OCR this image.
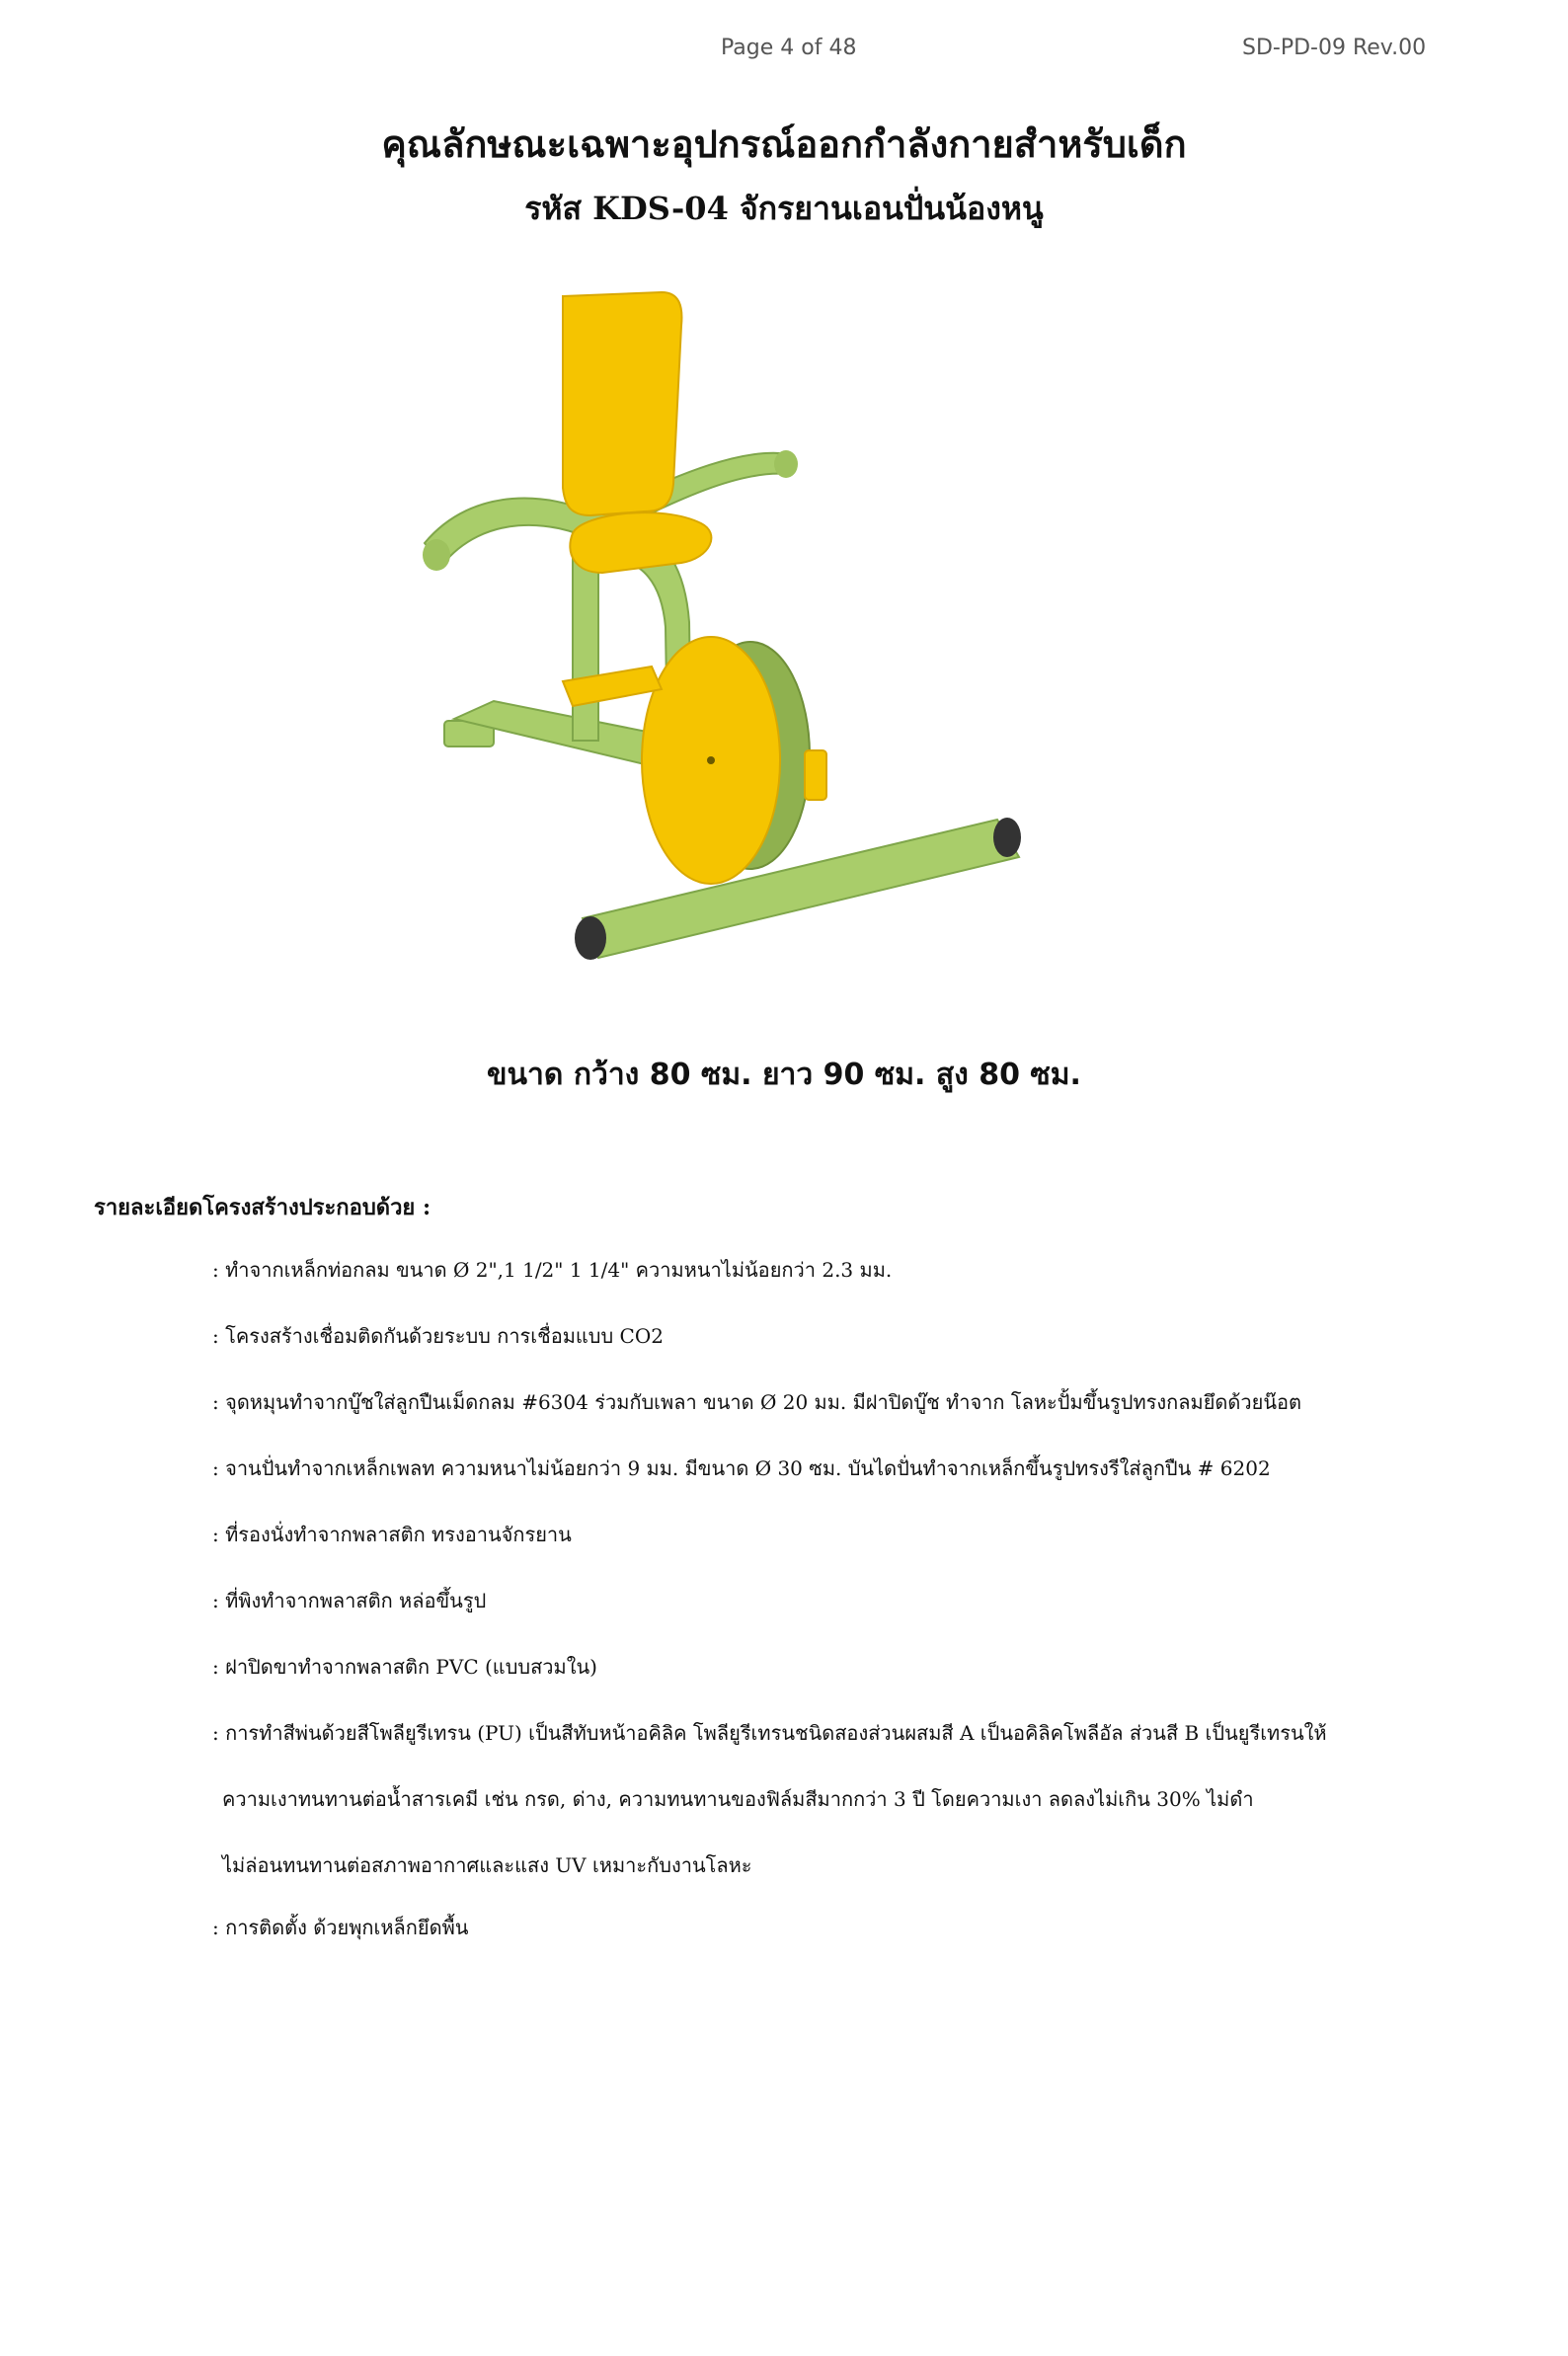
Page 4 of 48	SD-PD-09 Rev.00
คุณลักษณะเฉพาะอุปกรณ์ออกกำลังกายสำหรับเด็ก
รหัส KDS-04 จักรยานเอนปั่นน้องหนู
ขนาด กว้าง 80 ซม. ยาว 90 ซม. สูง 80 ซม.
รายละเอียดโครงสร้างประกอบด้วย :
: ทำจากเหล็กท่อกลม ขนาด Ø 2",1 1/2" 1 1/4" ความหนาไม่น้อยกว่า 2.3 มม.
: โครงสร้างเชื่อมติดกันด้วยระบบ การเชื่อมแบบ CO2
: จุดหมุนทำจากบู๊ชใส่ลูกปืนเม็ดกลม #6304 ร่วมกับเพลา ขนาด Ø 20 มม. มีฝาปิดบู๊ช ทำจาก โลหะปั้มขึ้นรูปทรงกลมยึดด้วยน๊อต
: จานปั่นทำจากเหล็กเพลท ความหนาไม่น้อยกว่า 9 มม. มีขนาด Ø 30 ซม. บันไดปั่นทำจากเหล็กขึ้นรูปทรงรีใส่ลูกปืน # 6202
: ที่รองนั่งทำจากพลาสติก ทรงอานจักรยาน
: ที่พิงทำจากพลาสติก หล่อขึ้นรูป
: ฝาปิดขาทำจากพลาสติก PVC (แบบสวมใน)
: การทำสีพ่นด้วยสีโพลียูรีเทรน (PU) เป็นสีทับหน้าอคิลิค โพลียูรีเทรนชนิดสองส่วนผสมสี A เป็นอคิลิคโพลีอัล ส่วนสี B เป็นยูรีเทรนให้
ความเงาทนทานต่อน้ำสารเคมี เช่น กรด, ด่าง, ความทนทานของฟิล์มสีมากกว่า 3 ปี โดยความเงา ลดลงไม่เกิน 30% ไม่ดำ
ไม่ล่อนทนทานต่อสภาพอากาศและแสง UV เหมาะกับงานโลหะ
: การติดตั้ง ด้วยพุกเหล็กยึดพื้น
